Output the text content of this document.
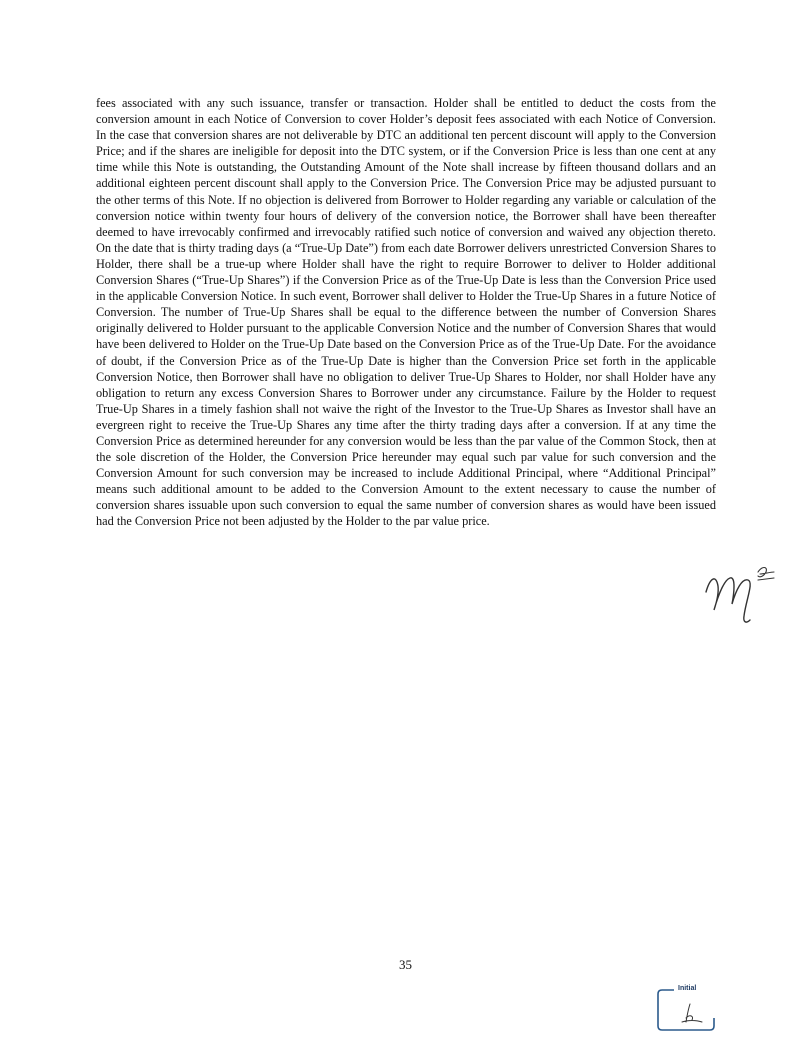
fees associated with any such issuance, transfer or transaction. Holder shall be entitled to deduct the costs from the conversion amount in each Notice of Conversion to cover Holder’s deposit fees associated with each Notice of Conversion. In the case that conversion shares are not deliverable by DTC an additional ten percent discount will apply to the Conversion Price; and if the shares are ineligible for deposit into the DTC system, or if the Conversion Price is less than one cent at any time while this Note is outstanding, the Outstanding Amount of the Note shall increase by fifteen thousand dollars and an additional eighteen percent discount shall apply to the Conversion Price. The Conversion Price may be adjusted pursuant to the other terms of this Note. If no objection is delivered from Borrower to Holder regarding any variable or calculation of the conversion notice within twenty four hours of delivery of the conversion notice, the Borrower shall have been thereafter deemed to have irrevocably confirmed and irrevocably ratified such notice of conversion and waived any objection thereto. On the date that is thirty trading days (a “True-Up Date”) from each date Borrower delivers unrestricted Conversion Shares to Holder, there shall be a true-up where Holder shall have the right to require Borrower to deliver to Holder additional Conversion Shares (“True-Up Shares”) if the Conversion Price as of the True-Up Date is less than the Conversion Price used in the applicable Conversion Notice. In such event, Borrower shall deliver to Holder the True-Up Shares in a future Notice of Conversion. The number of True-Up Shares shall be equal to the difference between the number of Conversion Shares originally delivered to Holder pursuant to the applicable Conversion Notice and the number of Conversion Shares that would have been delivered to Holder on the True-Up Date based on the Conversion Price as of the True-Up Date. For the avoidance of doubt, if the Conversion Price as of the True-Up Date is higher than the Conversion Price set forth in the applicable Conversion Notice, then Borrower shall have no obligation to deliver True-Up Shares to Holder, nor shall Holder have any obligation to return any excess Conversion Shares to Borrower under any circumstance. Failure by the Holder to request True-Up Shares in a timely fashion shall not waive the right of the Investor to the True-Up Shares as Investor shall have an evergreen right to receive the True-Up Shares any time after the thirty trading days after a conversion. If at any time the Conversion Price as determined hereunder for any conversion would be less than the par value of the Common Stock, then at the sole discretion of the Holder, the Conversion Price hereunder may equal such par value for such conversion and the Conversion Amount for such conversion may be increased to include Additional Principal, where “Additional Principal” means such additional amount to be added to the Conversion Amount to the extent necessary to cause the number of conversion shares issuable upon such conversion to equal the same number of conversion shares as would have been issued had the Conversion Price not been adjusted by the Holder to the par value price.

35
Initial
